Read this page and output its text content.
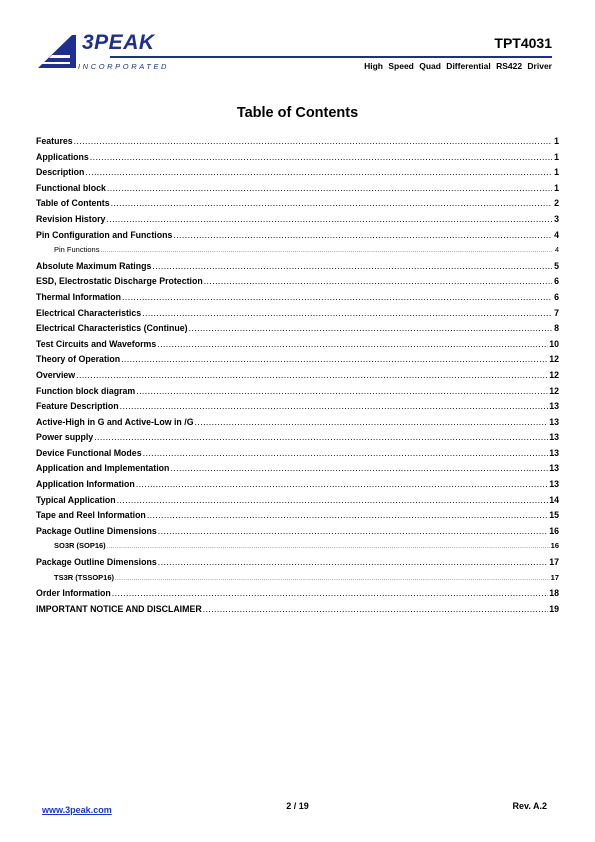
3PEAK
INCORPORATED
TPT4031
High Speed Quad Differential RS422 Driver
Table of Contents
Features .....	1
Applications .....	1
Description .....	1
Functional block .....	1
Table of Contents .....	2
Revision History .....	3
Pin Configuration and Functions .....	4
Pin Functions .....	4
Absolute Maximum Ratings .....	5
ESD, Electrostatic Discharge Protection .....	6
Thermal Information .....	6
Electrical Characteristics .....	7
Electrical Characteristics (Continue) .....	8
Test Circuits and Waveforms .....	10
Theory of Operation .....	12
Overview .....	12
Function block diagram .....	12
Feature Description .....	13
Active-High in G and Active-Low in /G .....	13
Power supply .....	13
Device Functional Modes .....	13
Application and Implementation .....	13
Application Information .....	13
Typical Application .....	14
Tape and Reel Information .....	15
Package Outline Dimensions .....	16
SO3R (SOP16) .....	16
Package Outline Dimensions .....	17
TS3R (TSSOP16) .....	17
Order Information .....	18
IMPORTANT NOTICE AND DISCLAIMER .....	19
www.3peak.com	2 / 19	Rev. A.2
